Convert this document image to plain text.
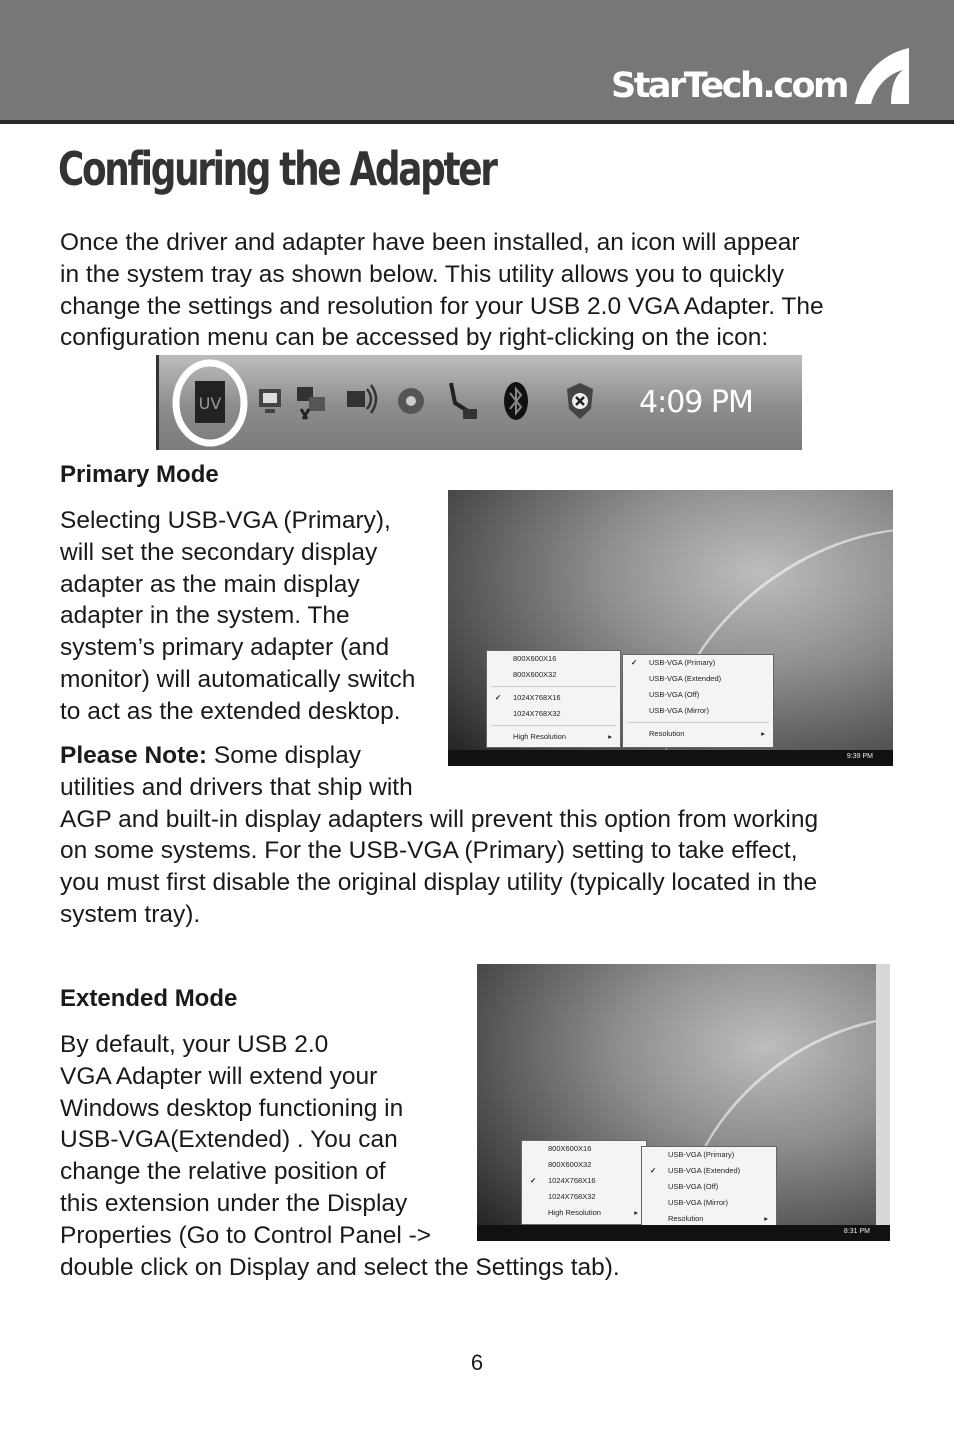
StarTech.com
Configuring the Adapter
Once the driver and adapter have been installed, an icon will appear
in the system tray as shown below. This utility allows you to quickly
change the settings and resolution for your USB 2.0 VGA Adapter. The
configuration menu can be accessed by right-clicking on the icon:
UV	4:09 PM
Primary Mode
Selecting USB-VGA (Primary),
will set the secondary display
adapter as the main display
adapter in the system. The
system’s primary adapter (and
monitor) will automatically switch
to act as the extended desktop.
800X600X16
800X600X32
✓ 1024X768X16
1024X768X32
High Resolution	▸
✓ USB-VGA (Primary)
USB-VGA (Extended)
USB-VGA (Off)
USB-VGA (Mirror)
Resolution	▸
9:39 PM
Please Note: Some display
utilities and drivers that ship with
AGP and built-in display adapters will prevent this option from working
on some systems. For the USB-VGA (Primary) setting to take effect,
you must first disable the original display utility (typically located in the
system tray).
Extended Mode
By default, your USB 2.0
VGA Adapter will extend your
Windows desktop functioning in
USB-VGA(Extended) . You can
change the relative position of
this extension under the Display
Properties (Go to Control Panel ->
double click on Display and select the Settings tab).
800X600X16
800X600X32
✓ 1024X768X16
1024X768X32
High Resolution	▸
USB-VGA (Primary)
✓ USB-VGA (Extended)
USB-VGA (Off)
USB-VGA (Mirror)
Resolution	▸
8:31 PM
6
